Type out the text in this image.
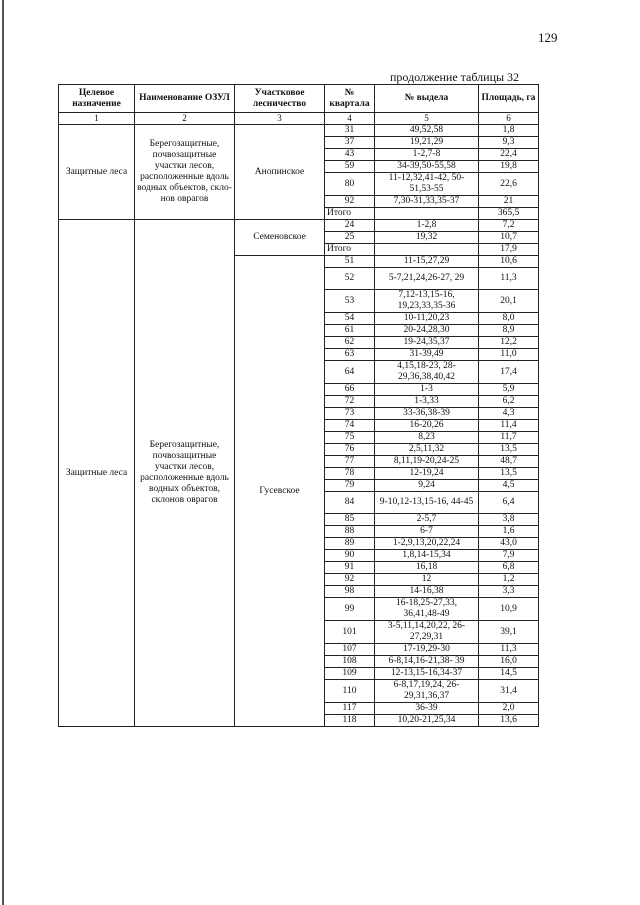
129
продолжение таблицы 32
Целевое назначение	Наименование ОЗУЛ	Участковое лесничество	№ квартала	№ выдела	Площадь, га
1	2	3	4	5	6
Защитные леса	Берегозащитные, почвозащитные участки лесов, расположенные вдоль водных объектов, скло-нов оврагов	Анопинское	31	49,52,58	1,8
			37	19,21,29	9,3
			43	1-2,7-8	22,4
			59	34-39,50-55,58	19,8
			80	11-12,32,41-42, 50-51,53-55	22,6
			92	7,30-31,33,35-37	21
			Итого		365,5
Защитные леса	Берегозащитные, почвозащитные участки лесов, расположенные вдоль водных объектов, склонов оврагов	Семеновское	24	1-2,8	7,2
			25	19,32	10,7
			Итого		17,9
		Гусевское	51	11-15,27,29	10,6
			52	5-7,21,24,26-27, 29	11,3
			53	7,12-13,15-16, 19,23,33,35-36	20,1
			54	10-11,20,23	8,0
			61	20-24,28,30	8,9
			62	19-24,35,37	12,2
			63	31-39,49	11,0
			64	4,15,18-23, 28-29,36,38,40,42	17,4
			66	1-3	5,9
			72	1-3,33	6,2
			73	33-36,38-39	4,3
			74	16-20,26	11,4
			75	8,23	11,7
			76	2,5,11,32	13,5
			77	8,11,19-20,24-25	48,7
			78	12-19,24	13,5
			79	9,24	4,5
			84	9-10,12-13,15-16, 44-45	6,4
			85	2-5,7	3,8
			88	6-7	1,6
			89	1-2,9,13,20,22,24	43,0
			90	1,8,14-15,34	7,9
			91	16,18	6,8
			92	12	1,2
			98	14-16,38	3,3
			99	16-18,25-27,33, 36,41,48-49	10,9
			101	3-5,11,14,20,22, 26-27,29,31	39,1
			107	17-19,29-30	11,3
			108	6-8,14,16-21,38- 39	16,0
			109	12-13,15-16,34-37	14,5
			110	6-8,17,19,24, 26-29,31,36,37	31,4
			117	36-39	2,0
			118	10,20-21,25,34	13,6
